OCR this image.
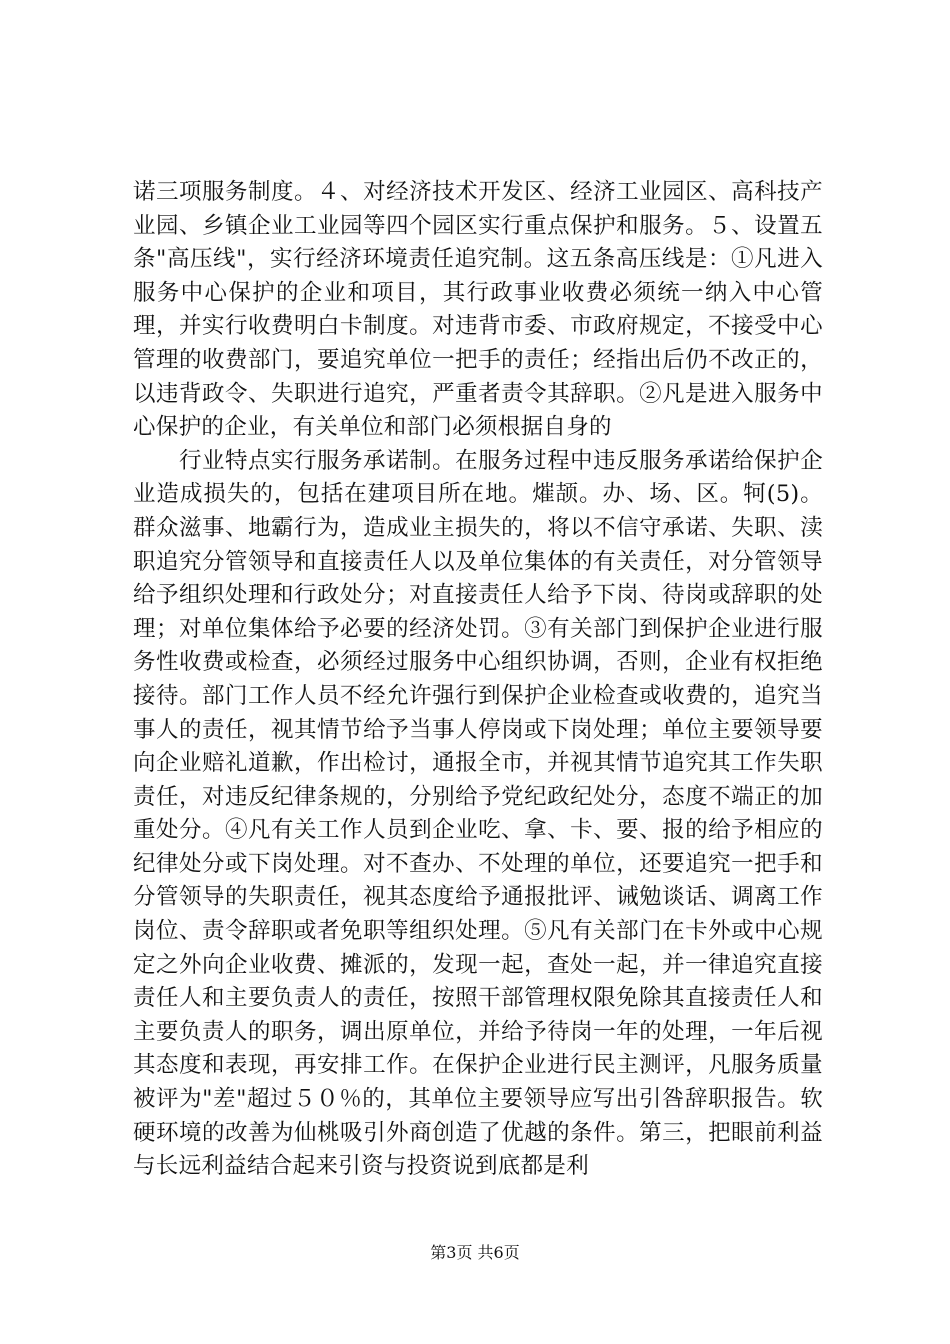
诺三项服务制度。４、对经济技术开发区、经济工业园区、高科技产业园、乡镇企业工业园等四个园区实行重点保护和服务。５、设置五条"高压线"，实行经济环境责任追究制。这五条高压线是：①凡进入服务中心保护的企业和项目，其行政事业收费必须统一纳入中心管理，并实行收费明白卡制度。对违背市委、市政府规定，不接受中心管理的收费部门，要追究单位一把手的责任；经指出后仍不改正的，以违背政令、失职进行追究，严重者责令其辞职。②凡是进入服务中心保护的企业，有关单位和部门必须根据自身的

行业特点实行服务承诺制。在服务过程中违反服务承诺给保护企业造成损失的，包括在建项目所在地。熣颉。办、场、区。牱(5)。群众滋事、地霸行为，造成业主损失的，将以不信守承诺、失职、渎职追究分管领导和直接责任人以及单位集体的有关责任，对分管领导给予组织处理和行政处分；对直接责任人给予下岗、待岗或辞职的处理；对单位集体给予必要的经济处罚。③有关部门到保护企业进行服务性收费或检查，必须经过服务中心组织协调，否则，企业有权拒绝接待。部门工作人员不经允许强行到保护企业检查或收费的，追究当事人的责任，视其情节给予当事人停岗或下岗处理；单位主要领导要向企业赔礼道歉，作出检讨，通报全市，并视其情节追究其工作失职责任，对违反纪律条规的，分别给予党纪政纪处分，态度不端正的加重处分。④凡有关工作人员到企业吃、拿、卡、要、报的给予相应的纪律处分或下岗处理。对不查办、不处理的单位，还要追究一把手和分管领导的失职责任，视其态度给予通报批评、诫勉谈话、调离工作岗位、责令辞职或者免职等组织处理。⑤凡有关部门在卡外或中心规定之外向企业收费、摊派的，发现一起，查处一起，并一律追究直接责任人和主要负责人的责任，按照干部管理权限免除其直接责任人和主要负责人的职务，调出原单位，并给予待岗一年的处理，一年后视其态度和表现，再安排工作。在保护企业进行民主测评，凡服务质量被评为"差"超过５０％的，其单位主要领导应写出引咎辞职报告。软硬环境的改善为仙桃吸引外商创造了优越的条件。第三，把眼前利益与长远利益结合起来引资与投资说到底都是利

第3页 共6页
